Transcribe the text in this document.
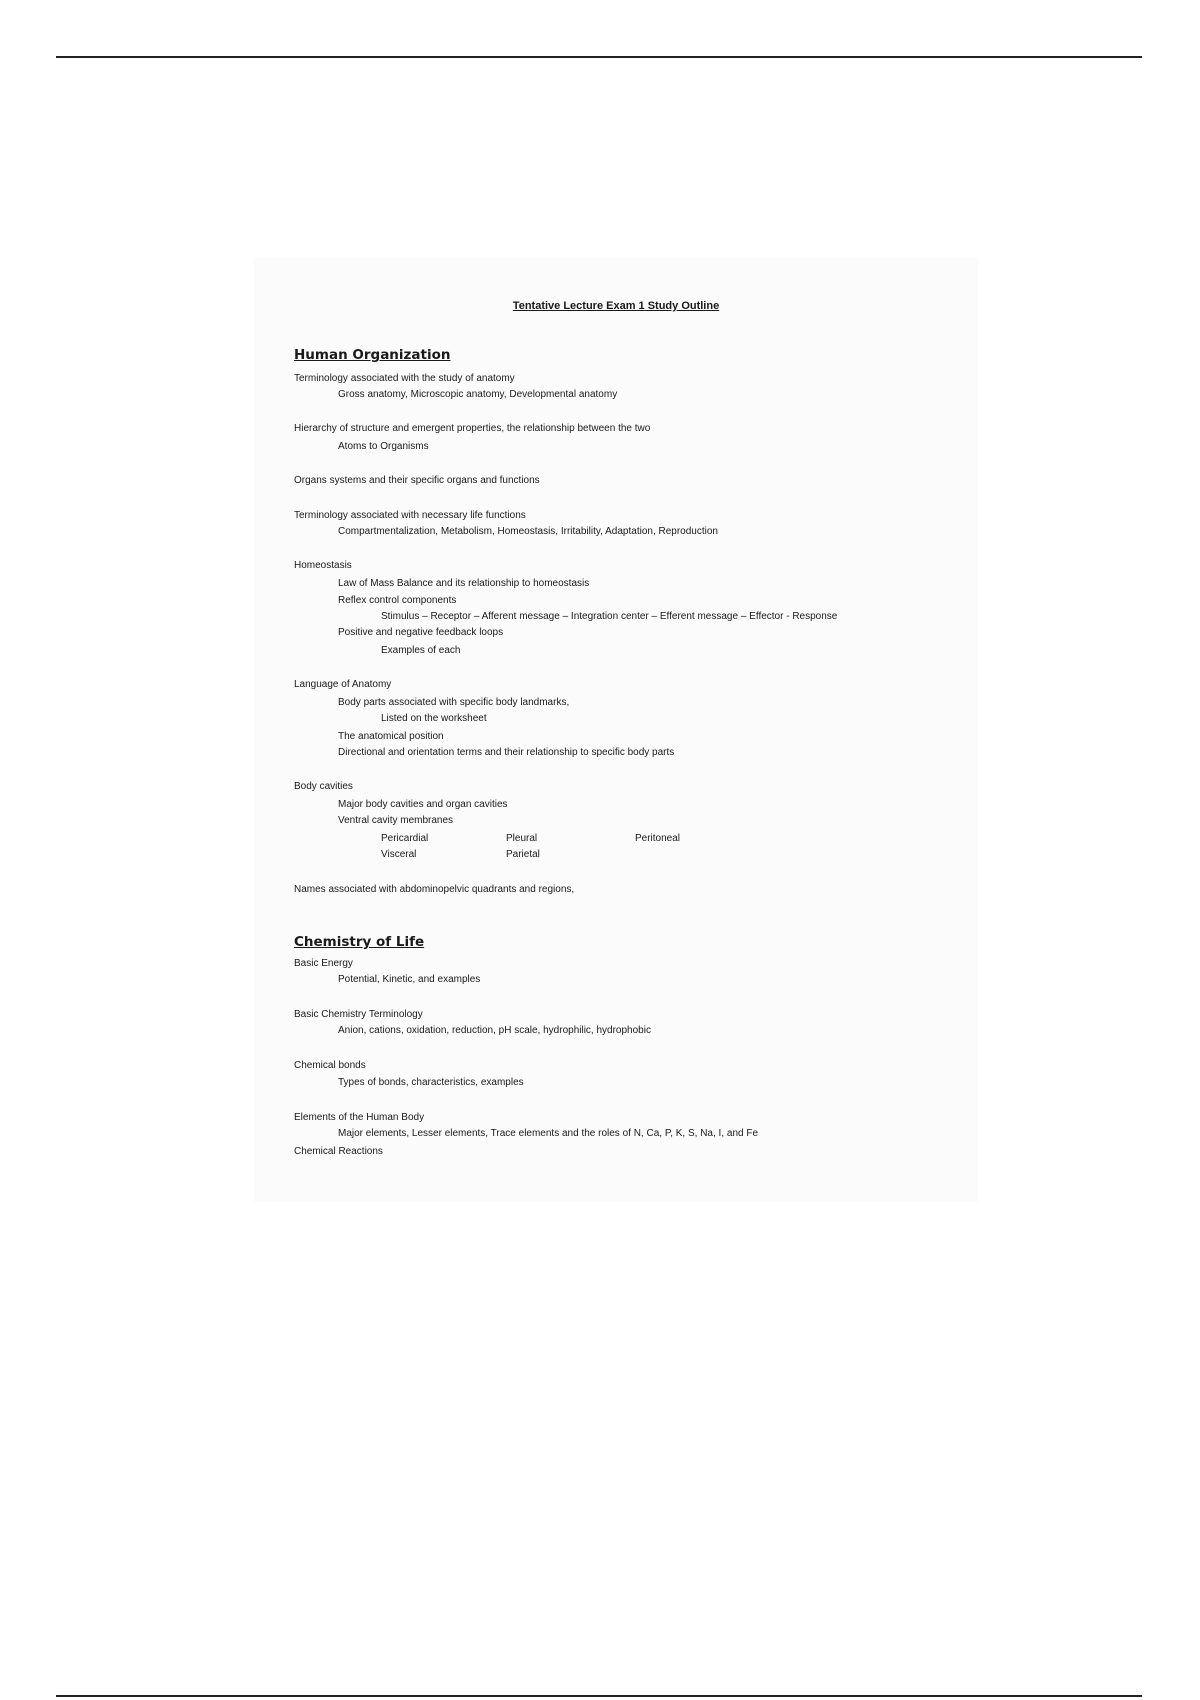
Tentative Lecture Exam 1 Study Outline
Human Organization
Terminology associated with the study of anatomy
Gross anatomy, Microscopic anatomy, Developmental anatomy
Hierarchy of structure and emergent properties, the relationship between the two
Atoms to Organisms
Organs systems and their specific organs and functions
Terminology associated with necessary life functions
Compartmentalization, Metabolism, Homeostasis, Irritability, Adaptation, Reproduction
Homeostasis
Law of Mass Balance and its relationship to homeostasis
Reflex control components
Stimulus – Receptor – Afferent message – Integration center – Efferent message – Effector - Response
Positive and negative feedback loops
Examples of each
Language of Anatomy
Body parts associated with specific body landmarks,
Listed on the worksheet
The anatomical position
Directional and orientation terms and their relationship to specific body parts
Body cavities
Major body cavities and organ cavities
Ventral cavity membranes
Pericardial	Pleural	Peritoneal
Visceral	Parietal
Names associated with abdominopelvic quadrants and regions,
Chemistry of Life
Basic Energy
Potential, Kinetic, and examples
Basic Chemistry Terminology
Anion, cations, oxidation, reduction, pH scale, hydrophilic, hydrophobic
Chemical bonds
Types of bonds, characteristics, examples
Elements of the Human Body
Major elements, Lesser elements, Trace elements and the roles of N, Ca, P, K, S, Na, I, and Fe
Chemical Reactions
